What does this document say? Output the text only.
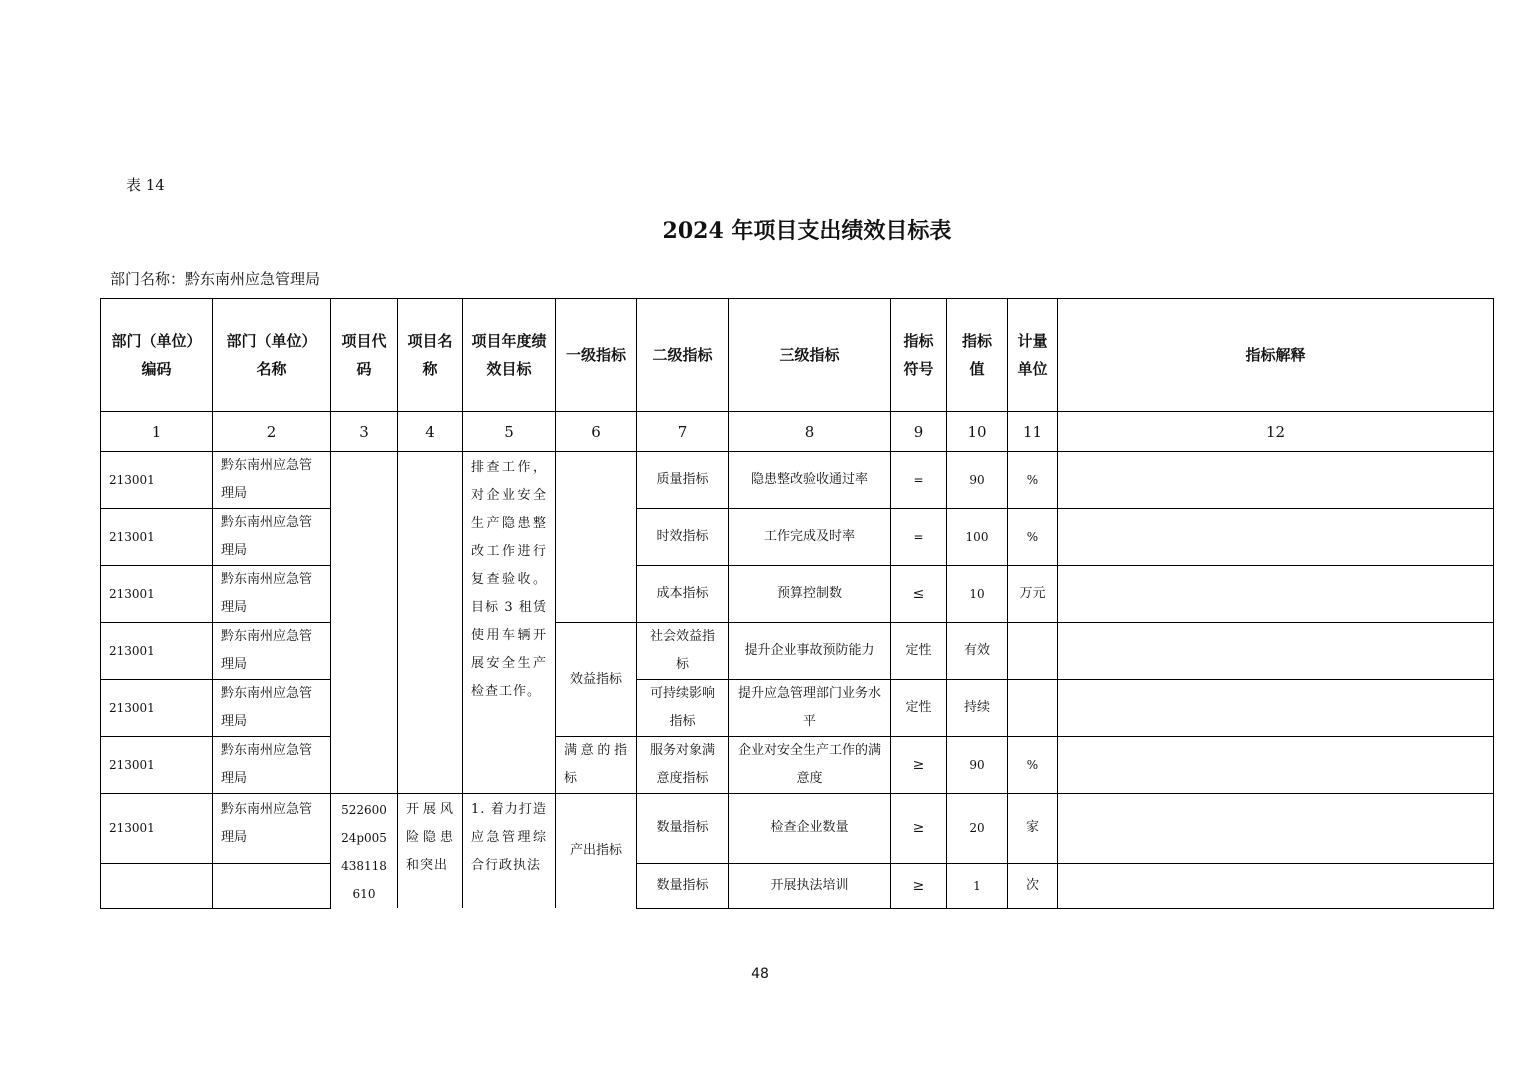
表 14
2024 年项目支出绩效目标表
部门名称：黔东南州应急管理局
部门（单位）编码	部门（单位）名称	项目代码	项目名称	项目年度绩效目标	一级指标	二级指标	三级指标	指标符号	指标值	计量单位	指标解释
1	2	3	4	5	6	7	8	9	10	11	12
213001	黔东南州应急管理局			排查工作，对企业安全生产隐患整改工作进行复查验收。目标 3 租赁使用车辆开展安全生产检查工作。		质量指标	隐患整改验收通过率	=	90	%	
213001	黔东南州应急管理局					时效指标	工作完成及时率	=	100	%	
213001	黔东南州应急管理局					成本指标	预算控制数	≤	10	万元	
213001	黔东南州应急管理局				效益指标	社会效益指标	提升企业事故预防能力	定性	有效		
213001	黔东南州应急管理局					可持续影响指标	提升应急管理部门业务水平	定性	持续		
213001	黔东南州应急管理局				满意的指标	服务对象满意度指标	企业对安全生产工作的满意度	≥	90	%	
213001	黔东南州应急管理局	52260024p005438118610	开展风险隐患和突出	1. 着力打造应急管理综合行政执法	产出指标	数量指标	检查企业数量	≥	20	家	
						数量指标	开展执法培训	≥	1	次	
48
